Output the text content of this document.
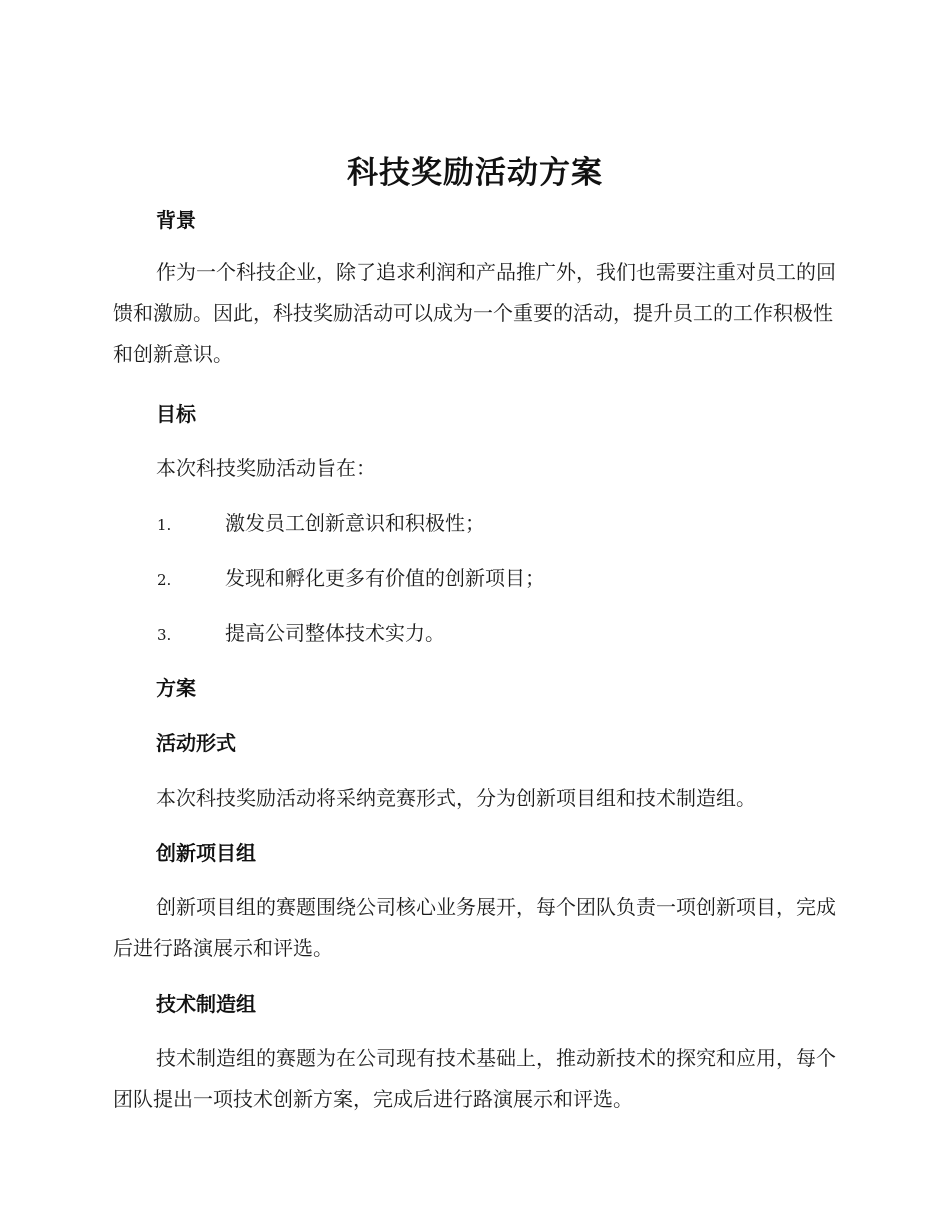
科技奖励活动方案
背景
作为一个科技企业，除了追求利润和产品推广外，我们也需要注重对员工的回馈和激励。因此，科技奖励活动可以成为一个重要的活动，提升员工的工作积极性和创新意识。
目标
本次科技奖励活动旨在：
1.	激发员工创新意识和积极性；
2.	发现和孵化更多有价值的创新项目；
3.	提高公司整体技术实力。
方案
活动形式
本次科技奖励活动将采纳竞赛形式，分为创新项目组和技术制造组。
创新项目组
创新项目组的赛题围绕公司核心业务展开，每个团队负责一项创新项目，完成后进行路演展示和评选。
技术制造组
技术制造组的赛题为在公司现有技术基础上，推动新技术的探究和应用，每个团队提出一项技术创新方案，完成后进行路演展示和评选。
